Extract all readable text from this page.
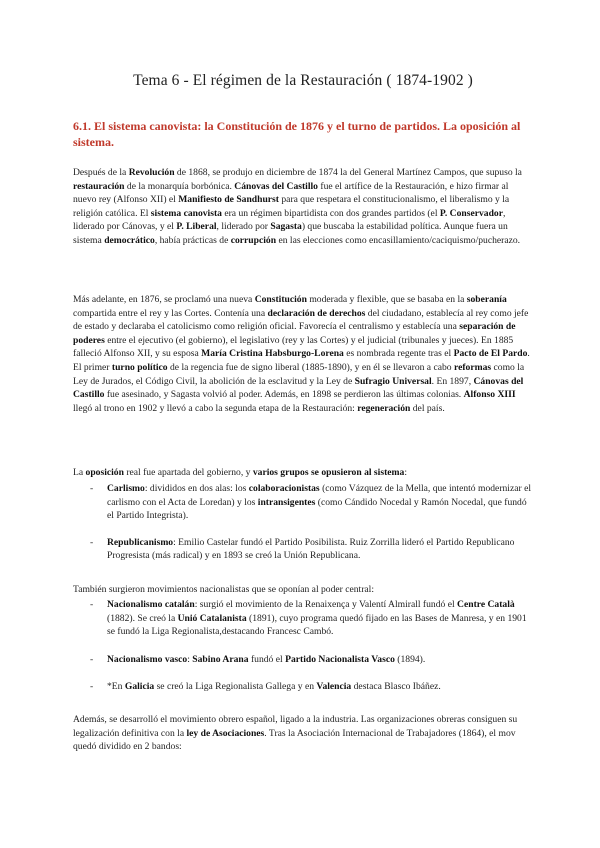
Tema 6 - El régimen de la Restauración ( 1874-1902 )
6.1. El sistema canovista: la Constitución de 1876 y el turno de partidos. La oposición al sistema.
Después de la Revolución de 1868, se produjo en diciembre de 1874 la del General Martínez Campos, que supuso la restauración de la monarquía borbónica. Cánovas del Castillo fue el artífice de la Restauración, e hizo firmar al nuevo rey (Alfonso XII) el Manifiesto de Sandhurst para que respetara el constitucionalismo, el liberalismo y la religión católica. El sistema canovista era un régimen bipartidista con dos grandes partidos (el P. Conservador, liderado por Cánovas, y el P. Liberal, liderado por Sagasta) que buscaba la estabilidad política. Aunque fuera un sistema democrático, había prácticas de corrupción en las elecciones como encasillamiento/caciquismo/pucherazo.
Más adelante, en 1876, se proclamó una nueva Constitución moderada y flexible, que se basaba en la soberanía compartida entre el rey y las Cortes. Contenía una declaración de derechos del ciudadano, establecía al rey como jefe de estado y declaraba el catolicismo como religión oficial. Favorecía el centralismo y establecía una separación de poderes entre el ejecutivo (el gobierno), el legislativo (rey y las Cortes) y el judicial (tribunales y jueces). En 1885 falleció Alfonso XII, y su esposa María Cristina Habsburgo-Lorena es nombrada regente tras el Pacto de El Pardo. El primer turno político de la regencia fue de signo liberal (1885-1890), y en él se llevaron a cabo reformas como la Ley de Jurados, el Código Civil, la abolición de la esclavitud y la Ley de Sufragio Universal. En 1897, Cánovas del Castillo fue asesinado, y Sagasta volvió al poder. Además, en 1898 se perdieron las últimas colonias. Alfonso XIII llegó al trono en 1902 y llevó a cabo la segunda etapa de la Restauración: regeneración del país.
La oposición real fue apartada del gobierno, y varios grupos se opusieron al sistema:
- Carlismo: divididos en dos alas: los colaboracionistas (como Vázquez de la Mella, que intentó modernizar el carlismo con el Acta de Loredan) y los intransigentes (como Cándido Nocedal y Ramón Nocedal, que fundó el Partido Integrista).
- Republicanismo: Emilio Castelar fundó el Partido Posibilista. Ruiz Zorrilla lideró el Partido Republicano Progresista (más radical) y en 1893 se creó la Unión Republicana.
También surgieron movimientos nacionalistas que se oponían al poder central:
- Nacionalismo catalán: surgió el movimiento de la Renaixença y Valentí Almirall fundó el Centre Català (1882). Se creó la Unió Catalanista (1891), cuyo programa quedó fijado en las Bases de Manresa, y en 1901 se fundó la Liga Regionalista,destacando Francesc Cambó.
- Nacionalismo vasco: Sabino Arana fundó el Partido Nacionalista Vasco (1894).
- *En Galicia se creó la Liga Regionalista Gallega y en Valencia destaca Blasco Ibáñez.
Además, se desarrolló el movimiento obrero español, ligado a la industria. Las organizaciones obreras consiguen su legalización definitiva con la ley de Asociaciones. Tras la Asociación Internacional de Trabajadores (1864), el mov quedó dividido en 2 bandos:
